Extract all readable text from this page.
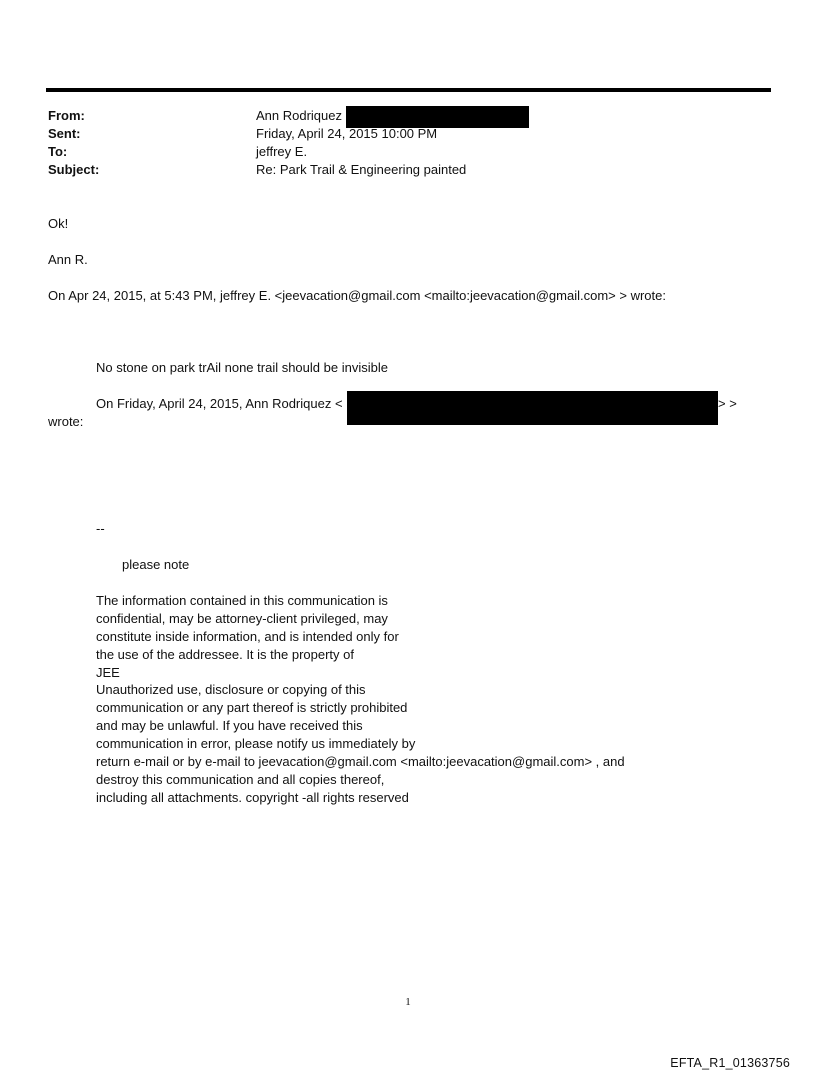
From:	Ann Rodriquez
Sent:	Friday, April 24, 2015 10:00 PM
To:	jeffrey E.
Subject:	Re: Park Trail & Engineering painted
Ok!
Ann R.
On Apr 24, 2015, at 5:43 PM, jeffrey E. <jeevacation@gmail.com <mailto:jeevacation@gmail.com> > wrote:
No stone on park trAil none trail should be invisible
On Friday, April 24, 2015, Ann Rodriquez <	> >
wrote:
--
please note
The information contained in this communication is
confidential, may be attorney-client privileged, may
constitute inside information, and is intended only for
the use of the addressee. It is the property of
JEE
Unauthorized use, disclosure or copying of this
communication or any part thereof is strictly prohibited
and may be unlawful. If you have received this
communication in error, please notify us immediately by
return e-mail or by e-mail to jeevacation@gmail.com <mailto:jeevacation@gmail.com> , and
destroy this communication and all copies thereof,
including all attachments. copyright -all rights reserved
1
EFTA_R1_01363756
